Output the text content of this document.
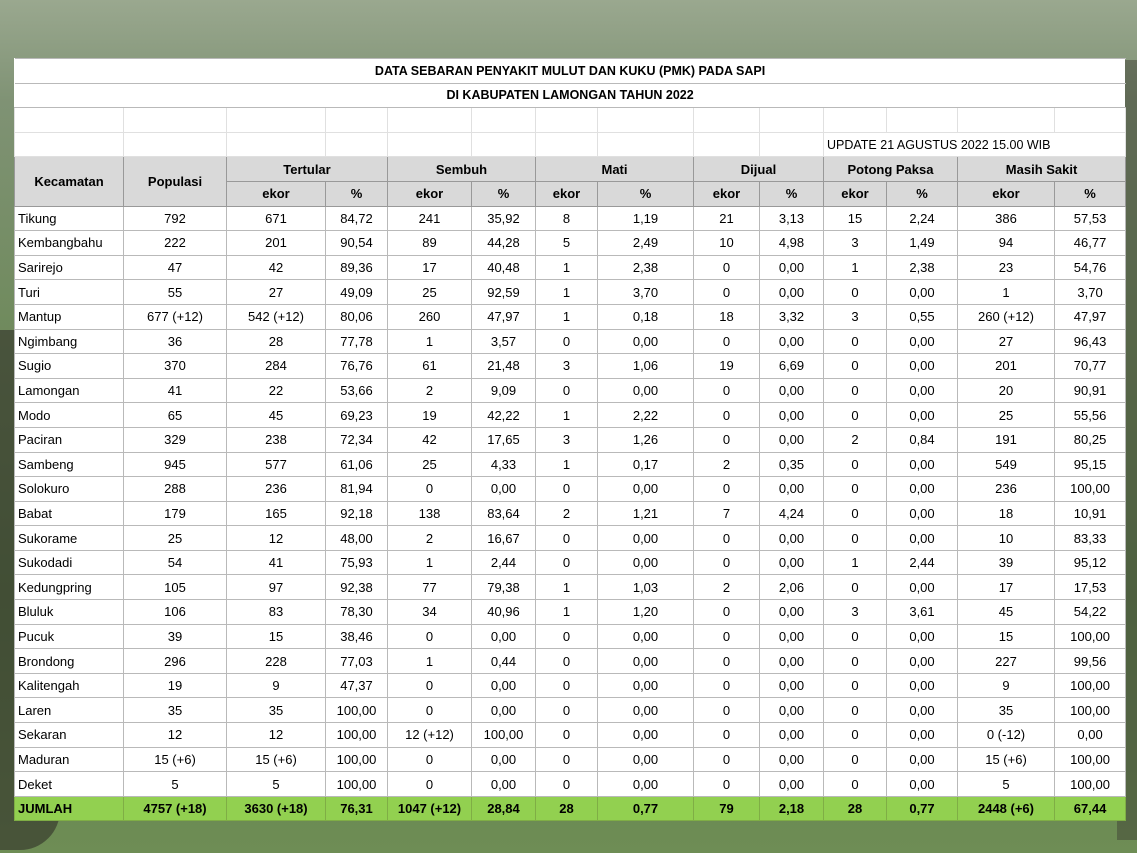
DATA SEBARAN PENYAKIT MULUT DAN KUKU (PMK) PADA SAPI													
DI KABUPATEN LAMONGAN TAHUN 2022													

										UPDATE 21 AGUSTUS 2022 15.00 WIB			
Kecamatan	Populasi	Tertular		Sembuh		Mati		Dijual		Potong Paksa		Masih Sakit	
		ekor	%	ekor	%	ekor	%	ekor	%	ekor	%	ekor	%
Tikung	792	671	84,72	241	35,92	8	1,19	21	3,13	15	2,24	386	57,53
Kembangbahu	222	201	90,54	89	44,28	5	2,49	10	4,98	3	1,49	94	46,77
Sarirejo	47	42	89,36	17	40,48	1	2,38	0	0,00	1	2,38	23	54,76
Turi	55	27	49,09	25	92,59	1	3,70	0	0,00	0	0,00	1	3,70
Mantup	677 (+12)	542 (+12)	80,06	260	47,97	1	0,18	18	3,32	3	0,55	260 (+12)	47,97
Ngimbang	36	28	77,78	1	3,57	0	0,00	0	0,00	0	0,00	27	96,43
Sugio	370	284	76,76	61	21,48	3	1,06	19	6,69	0	0,00	201	70,77
Lamongan	41	22	53,66	2	9,09	0	0,00	0	0,00	0	0,00	20	90,91
Modo	65	45	69,23	19	42,22	1	2,22	0	0,00	0	0,00	25	55,56
Paciran	329	238	72,34	42	17,65	3	1,26	0	0,00	2	0,84	191	80,25
Sambeng	945	577	61,06	25	4,33	1	0,17	2	0,35	0	0,00	549	95,15
Solokuro	288	236	81,94	0	0,00	0	0,00	0	0,00	0	0,00	236	100,00
Babat	179	165	92,18	138	83,64	2	1,21	7	4,24	0	0,00	18	10,91
Sukorame	25	12	48,00	2	16,67	0	0,00	0	0,00	0	0,00	10	83,33
Sukodadi	54	41	75,93	1	2,44	0	0,00	0	0,00	1	2,44	39	95,12
Kedungpring	105	97	92,38	77	79,38	1	1,03	2	2,06	0	0,00	17	17,53
Bluluk	106	83	78,30	34	40,96	1	1,20	0	0,00	3	3,61	45	54,22
Pucuk	39	15	38,46	0	0,00	0	0,00	0	0,00	0	0,00	15	100,00
Brondong	296	228	77,03	1	0,44	0	0,00	0	0,00	0	0,00	227	99,56
Kalitengah	19	9	47,37	0	0,00	0	0,00	0	0,00	0	0,00	9	100,00
Laren	35	35	100,00	0	0,00	0	0,00	0	0,00	0	0,00	35	100,00
Sekaran	12	12	100,00	12 (+12)	100,00	0	0,00	0	0,00	0	0,00	0 (-12)	0,00
Maduran	15 (+6)	15 (+6)	100,00	0	0,00	0	0,00	0	0,00	0	0,00	15 (+6)	100,00
Deket	5	5	100,00	0	0,00	0	0,00	0	0,00	0	0,00	5	100,00
JUMLAH	4757 (+18)	3630 (+18)	76,31	1047 (+12)	28,84	28	0,77	79	2,18	28	0,77	2448 (+6)	67,44
